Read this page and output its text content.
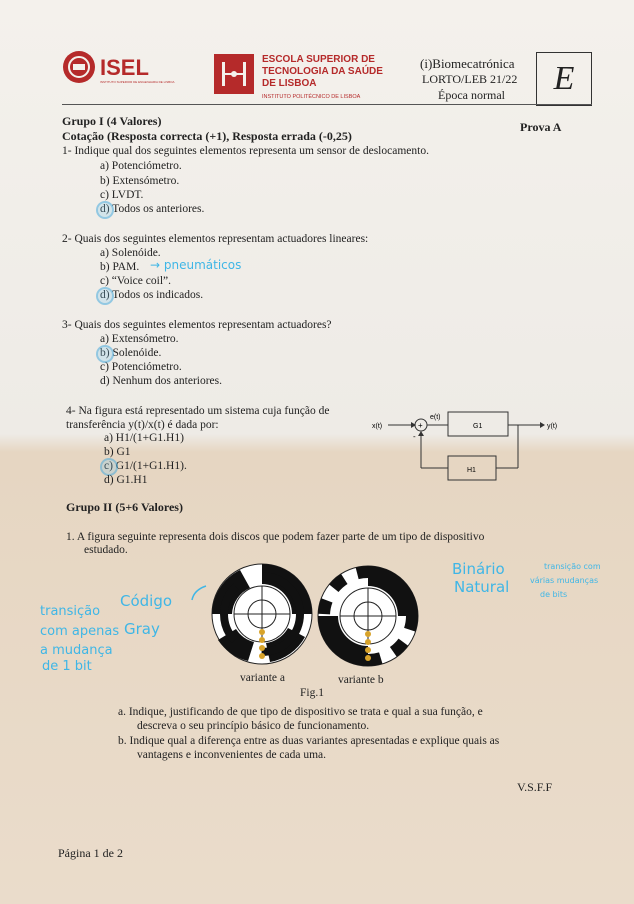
ISEL
INSTITUTO SUPERIOR DE ENGENHARIA DE LISBOA
ESCOLA SUPERIOR DE
TECNOLOGIA DA SAÚDE
DE LISBOA
INSTITUTO POLITÉCNICO DE LISBOA
(i)Biomecatrónica
LORTO/LEB 21/22
Época normal E
Grupo I (4 Valores)
Cotação (Resposta correcta (+1), Resposta errada (-0,25)
Prova A
1- Indique qual dos seguintes elementos representa um sensor de deslocamento.
a) Potenciómetro.
b) Extensómetro.
c) LVDT.
d) Todos os anteriores.
2- Quais dos seguintes elementos representam actuadores lineares:
a) Solenóide.
b) PAM. → pneumáticos
c) “Voice coil”.
d) Todos os indicados.
3- Quais dos seguintes elementos representam actuadores?
a) Extensómetro.
b) Solenóide.
c) Potenciómetro.
d) Nenhum dos anteriores.
4- Na figura está representado um sistema cuja função de
transferência y(t)/x(t) é dada por:
a) H1/(1+G1.H1)
b) G1
c) G1/(1+G1.H1).
d) G1.H1
x(t)	+
-
e(t)
G1	y(t)
H1
Grupo II (5+6 Valores)
1. A figura seguinte representa dois discos que podem fazer parte de um tipo de dispositivo
estudado.
variante a	variante b
Fig.1
transição
com apenas
a mudança
de 1 bit
Código
Gray
Binário
Natural
transição com
várias mudanças
de bits
a. Indique, justificando de que tipo de dispositivo se trata e qual a sua função, e
descreva o seu princípio básico de funcionamento.
b. Indique qual a diferença entre as duas variantes apresentadas e explique quais as
vantagens e inconvenientes de cada uma.
V.S.F.F
Página 1 de 2
